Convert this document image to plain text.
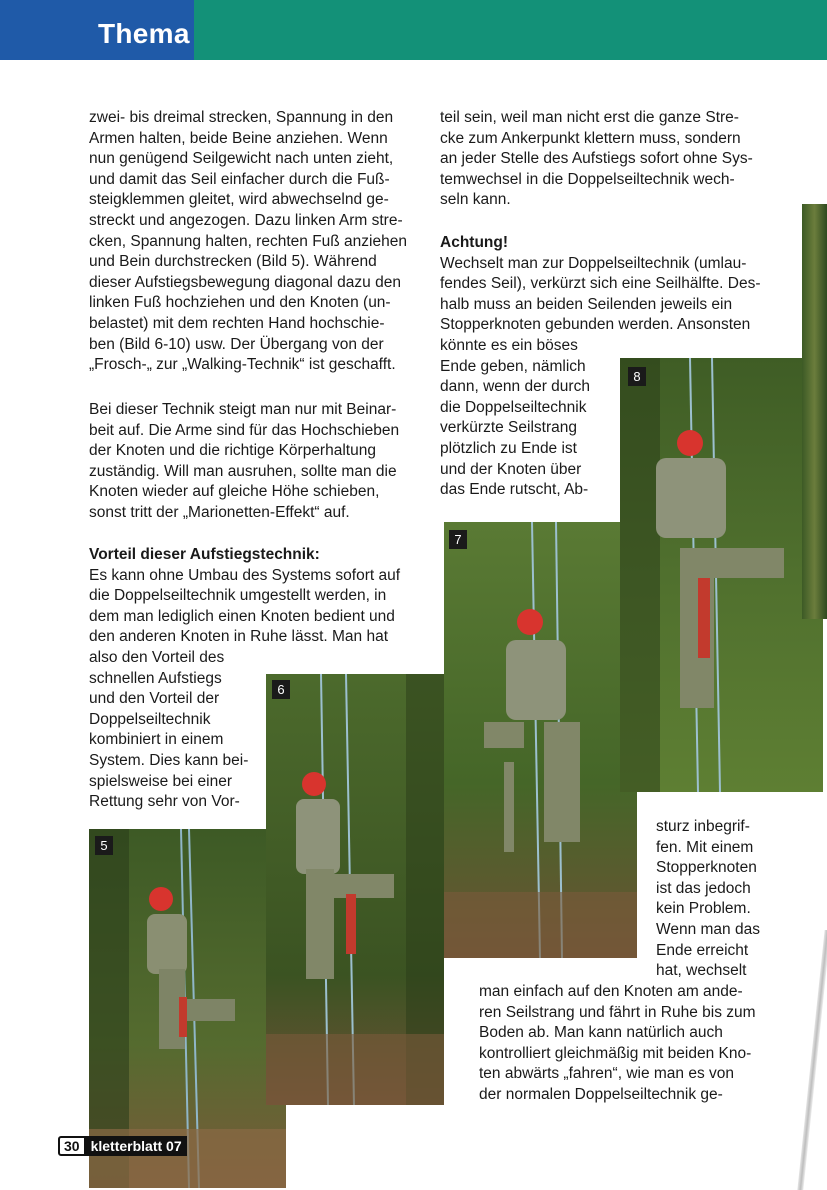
Thema
zwei- bis dreimal strecken, Spannung in den
Armen halten, beide Beine anziehen. Wenn
nun genügend Seilgewicht nach unten zieht,
und damit das Seil einfacher durch die Fuß-
steigklemmen gleitet, wird abwechselnd ge-
streckt und angezogen. Dazu linken Arm stre-
cken, Spannung halten, rechten Fuß anziehen
und Bein durchstrecken (Bild 5). Während
dieser Aufstiegsbewegung diagonal dazu den
linken Fuß hochziehen und den Knoten (un-
belastet) mit dem rechten Hand hochschie-
ben (Bild 6-10) usw. Der Übergang von der
„Frosch-„ zur „Walking-Technik“ ist geschafft.
Bei dieser Technik steigt man nur mit Beinar-
beit auf. Die Arme sind für das Hochschieben
der Knoten und die richtige Körperhaltung
zuständig. Will man ausruhen, sollte man die
Knoten wieder auf gleiche Höhe schieben,
sonst tritt der „Marionetten-Effekt“ auf.
Vorteil dieser Aufstiegstechnik:
Es kann ohne Umbau des Systems sofort auf
die Doppelseiltechnik umgestellt werden, in
dem man lediglich einen Knoten bedient und
den anderen Knoten in Ruhe lässt. Man hat
also den Vorteil des
schnellen Aufstiegs
und den Vorteil der
Doppelseiltechnik
kombiniert in einem
System. Dies kann bei-
spielsweise bei einer
Rettung sehr von Vor-
teil sein, weil man nicht erst die ganze Stre-
cke zum Ankerpunkt klettern muss, sondern
an jeder Stelle des Aufstiegs sofort ohne Sys-
temwechsel in die Doppelseiltechnik wech-
seln kann.
Achtung!
Wechselt man zur Doppelseiltechnik (umlau-
fendes Seil), verkürzt sich eine Seilhälfte. Des-
halb muss an beiden Seilenden jeweils ein
Stopperknoten gebunden werden. Ansonsten
könnte es ein böses
Ende geben, nämlich
dann, wenn der durch
die Doppelseiltechnik
verkürzte Seilstrang
plötzlich zu Ende ist
und der Knoten über
das Ende rutscht, Ab-
sturz inbegrif-
fen. Mit einem
Stopperknoten
ist das jedoch
kein Problem.
Wenn man das
Ende erreicht
hat, wechselt
man einfach auf den Knoten am ande-
ren Seilstrang und fährt in Ruhe bis zum
Boden ab. Man kann natürlich auch
kontrolliert gleichmäßig mit beiden Kno-
ten abwärts „fahren“, wie man es von
der normalen Doppelseiltechnik ge-
5
6
7
8
30 kletterblatt 07
